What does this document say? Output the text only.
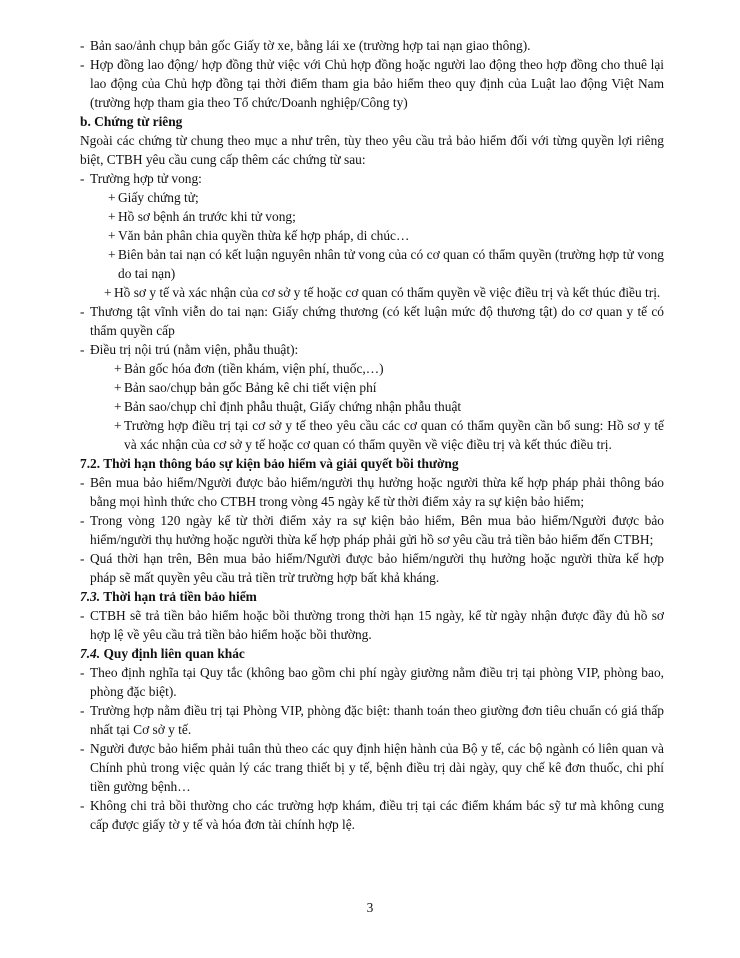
- Bản sao/ảnh chụp bản gốc Giấy tờ xe, bằng lái xe (trường hợp tai nạn giao thông).
- Hợp đồng lao động/ hợp đồng thử việc với Chủ hợp đồng hoặc người lao động theo hợp đồng cho thuê lại lao động của Chủ hợp đồng tại thời điểm tham gia bảo hiểm theo quy định của Luật lao động Việt Nam (trường hợp tham gia theo Tổ chức/Doanh nghiệp/Công ty)
b. Chứng từ riêng
Ngoài các chứng từ chung theo mục a như trên, tùy theo yêu cầu trả bảo hiểm đối với từng quyền lợi riêng biệt, CTBH yêu cầu cung cấp thêm các chứng từ sau:
- Trường hợp tử vong:
+ Giấy chứng tử;
+ Hồ sơ bệnh án trước khi tử vong;
+ Văn bản phân chia quyền thừa kế hợp pháp, di chúc…
+ Biên bản tai nạn có kết luận nguyên nhân tử vong của có cơ quan có thẩm quyền (trường hợp tử vong do tai nạn)
+ Hồ sơ y tế và xác nhận của cơ sở y tế hoặc cơ quan có thẩm quyền về việc điều trị và kết thúc điều trị.
- Thương tật vĩnh viễn do tai nạn: Giấy chứng thương (có kết luận mức độ thương tật) do cơ quan y tế có thẩm quyền cấp
- Điều trị nội trú (nằm viện, phẫu thuật):
+ Bản gốc hóa đơn (tiền khám, viện phí, thuốc,…)
+ Bản sao/chụp bản gốc Bảng kê chi tiết viện phí
+ Bản sao/chụp chỉ định phẫu thuật, Giấy chứng nhận phẫu thuật
+ Trường hợp điều trị tại cơ sở y tế theo yêu cầu các cơ quan có thẩm quyền cần bổ sung: Hồ sơ y tế và xác nhận của cơ sở y tế hoặc cơ quan có thẩm quyền về việc điều trị và kết thúc điều trị.
7.2. Thời hạn thông báo sự kiện bảo hiểm và giải quyết bồi thường
- Bên mua bảo hiểm/Người được bảo hiểm/người thụ hưởng hoặc người thừa kế hợp pháp phải thông báo bằng mọi hình thức cho CTBH trong vòng 45 ngày kể từ thời điểm xảy ra sự kiện bảo hiểm;
- Trong vòng 120 ngày kể từ thời điểm xảy ra sự kiện bảo hiểm, Bên mua bảo hiểm/Người được bảo hiểm/người thụ hưởng hoặc người thừa kế hợp pháp phải gửi hồ sơ yêu cầu trả tiền bảo hiểm đến CTBH;
- Quá thời hạn trên, Bên mua bảo hiểm/Người được bảo hiểm/người thụ hưởng hoặc người thừa kế hợp pháp sẽ mất quyền yêu cầu trả tiền trừ trường hợp bất khả kháng.
7.3. Thời hạn trả tiền bảo hiểm
- CTBH sẽ trả tiền bảo hiểm hoặc bồi thường trong thời hạn 15 ngày, kể từ ngày nhận được đầy đủ hồ sơ hợp lệ về yêu cầu trả tiền bảo hiểm hoặc bồi thường.
7.4. Quy định liên quan khác
- Theo định nghĩa tại Quy tắc (không bao gồm chi phí ngày giường nằm điều trị tại phòng VIP, phòng bao, phòng đặc biệt).
- Trường hợp nằm điều trị tại Phòng VIP, phòng đặc biệt: thanh toán theo giường đơn tiêu chuẩn có giá thấp nhất tại Cơ sở y tế.
- Người được bảo hiểm phải tuân thủ theo các quy định hiện hành của Bộ y tế, các bộ ngành có liên quan và Chính phủ trong việc quản lý các trang thiết bị y tế, bệnh điều trị dài ngày, quy chế kê đơn thuốc, chi phí tiền gường bệnh…
- Không chi trả bồi thường cho các trường hợp khám, điều trị tại các điểm khám bác sỹ tư mà không cung cấp được giấy tờ y tế và hóa đơn tài chính hợp lệ.
3
